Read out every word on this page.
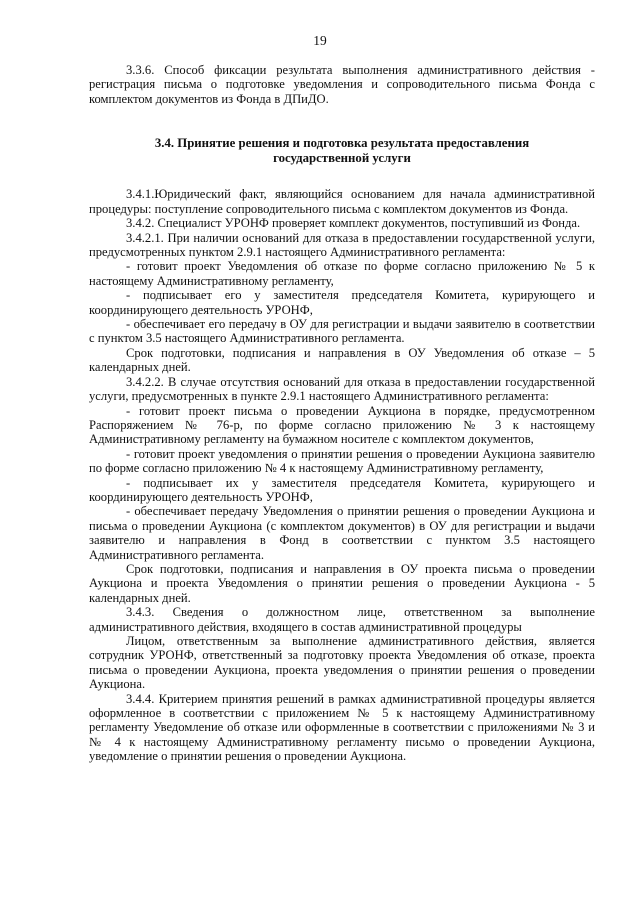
19

3.3.6. Способ фиксации результата выполнения административного действия - регистрация письма о подготовке уведомления и сопроводительного письма Фонда с комплектом документов из Фонда в ДПиДО.

3.4. Принятие решения и подготовка результата предоставления государственной услуги

3.4.1.Юридический факт, являющийся основанием для начала административной процедуры: поступление сопроводительного письма с комплектом документов из Фонда.

3.4.2. Специалист УРОНФ проверяет комплект документов, поступивший из Фонда.

3.4.2.1. При наличии оснований для отказа в предоставлении государственной услуги, предусмотренных пунктом 2.9.1 настоящего Административного регламента:

- готовит проект Уведомления об отказе по форме согласно приложению № 5 к настоящему Административному регламенту,

- подписывает его у заместителя председателя Комитета, курирующего и координирующего деятельность УРОНФ,

- обеспечивает его передачу в ОУ для регистрации и выдачи заявителю в соответствии с пунктом 3.5 настоящего Административного регламента.

Срок подготовки, подписания и направления в ОУ Уведомления об отказе – 5 календарных дней.

3.4.2.2. В случае отсутствия оснований для отказа в предоставлении государственной услуги, предусмотренных в пункте 2.9.1 настоящего Административного регламента:

- готовит проект письма о проведении Аукциона в порядке, предусмотренном Распоряжением № 76-р, по форме согласно приложению № 3 к настоящему Административному регламенту на бумажном носителе с комплектом документов,

- готовит проект уведомления о принятии решения о проведении Аукциона заявителю по форме согласно приложению № 4 к настоящему Административному регламенту,

- подписывает их у заместителя председателя Комитета, курирующего и координирующего деятельность УРОНФ,

- обеспечивает передачу Уведомления о принятии решения о проведении Аукциона и письма о проведении Аукциона (с комплектом документов) в ОУ для регистрации и выдачи заявителю и направления в Фонд в соответствии с пунктом 3.5 настоящего Административного регламента.

Срок подготовки, подписания и направления в ОУ проекта письма о проведении Аукциона и проекта Уведомления о принятии решения о проведении Аукциона - 5 календарных дней.

3.4.3. Сведения о должностном лице, ответственном за выполнение административного действия, входящего в состав административной процедуры

Лицом, ответственным за выполнение административного действия, является сотрудник УРОНФ, ответственный за подготовку проекта Уведомления об отказе, проекта письма о проведении Аукциона, проекта уведомления о принятии решения о проведении Аукциона.

3.4.4. Критерием принятия решений в рамках административной процедуры является оформленное в соответствии с приложением № 5 к настоящему Административному регламенту Уведомление об отказе или оформленные в соответствии с приложениями № 3 и № 4 к настоящему Административному регламенту письмо о проведении Аукциона, уведомление о принятии решения о проведении Аукциона.
